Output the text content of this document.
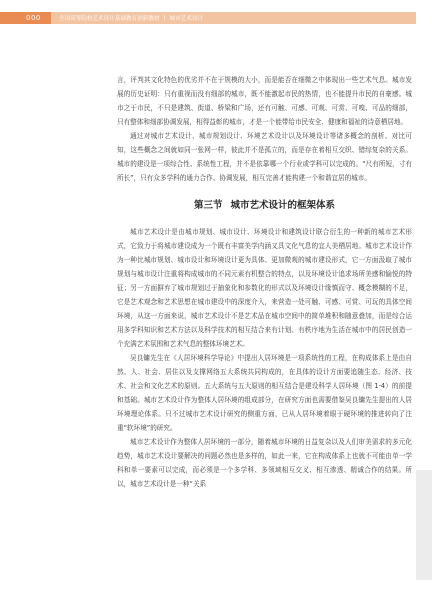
000	全国高等院校艺术设计基础教育创新教材 | 城市艺术设计

言，评判其文化特色的优劣并不在于规模的大小，而是能否在细微之中体现出一些艺术气息。城市发展的历史证明：只有重视而没有细部的城市，既不能激起市民的热情，也不能提升市民的自豪感。城市之于市民，不只是建筑、街道、桥梁和广场，还有可触、可感、可观、可赏、可嗅、可品的细部，只有整体和细部协调发展，相得益彰的城市，才是一个能带给市民安全、健康和福祉的诗意栖居地。

通过对城市艺术设计、城市规划设计、环境艺术设计以及环境设计等诸多概念的剖析、对比可知，这些概念之间就如同一张网一样，彼此并不是孤立的，而是存在着相互交织、错综复杂的关系。城市的建设是一项综合性、系统性工程，并不是依靠哪一个行业或学科可以完成的。“尺有所短，寸有所长”，只有众多学科的通力合作、协调发展，相互完善才能构建一个和谐宜居的城市。

第三节 城市艺术设计的框架体系

城市艺术设计是由城市规划、城市设计、环境设计和建筑设计联合衍生的一种新的城市艺术形式，它致力于将城市建设成为一个既有丰富美学内涵又具文化气息的宜人美栖居地。城市艺术设计作为一种比城市规划、城市设计和环境设计更为具体、更加微观的城市建设形式，它一方面汲取了城市规划与城市设计注重将构成城市的不同元素有机整合的特点，以及环境设计追求场所美感和愉悦的特征；另一方面摒弃了城市规划过于抽象化和参数化的形式以及环境设计缘慎而守、概念模糊的不足，它是艺术观念和艺术思想在城市建设中的深度介入，来营造一处可触、可感、可赏、可玩的具体空间环境，从这一方面来说，城市艺术设计不是艺术品在城市空间中的简单堆积和随意叠加，而是综合运用多学科知识和艺术方法以及科学技术的相互结合来有计划、有秩序地为生活在城市中的居民创造一个充满艺术氛围和艺术气息的整体环境艺术。

吴良镛先生在《人居环境科学导论》中提出人居环境是一项系统性的工程，在构成体系上是由自然、人、社会、居住以及支撑网络五大系统共同构成的，在具体的设计方面要追随生态、经济、技术、社会和文化艺术的原则。五大系统与五大原则的相互结合是建设科学人居环境（图 1-4）的前提和基础。城市艺术设计作为整体人居环境的组成部分，在研究方面也需要借鉴吴良镛先生提出的人居环境理论体系。只不过城市艺术设计研究的侧重方面，已从人居环境着眼于硬环境的推进转向了注重“软环境”的研究。

城市艺术设计作为整体人居环境的一部分，随着城市环境的日益复杂以及人们审美需求的多元化趋势，城市艺术设计要解决的问题必然也是多样的，如此一来，它在构成体系上也就不可能由单一学科和单一要素可以完成，而必须是一个多学科、多领域相互交叉、相互渗透、精诚合作的结果。所以，城市艺术设计是一种“关系
